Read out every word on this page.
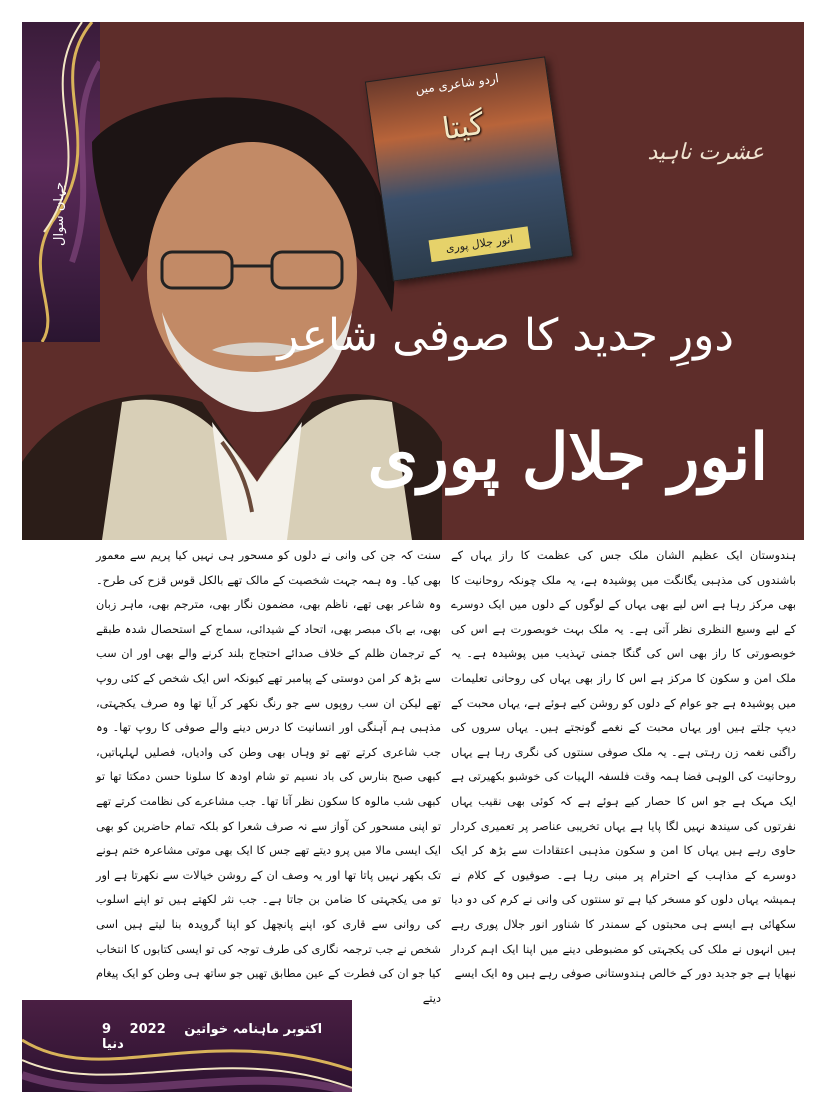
جہان سوال
اردو شاعری میں
گیتا
انور جلال پوری
عشرت ناہید
دورِ جدید کا صوفی شاعر
انور جلال پوری

ہندوستان ایک عظیم الشان ملک جس کی عظمت کا راز یہاں کے باشندوں کی مذہبی یگانگت میں پوشیدہ ہے، یہ ملک چونکہ روحانیت کا بھی مرکز رہا ہے اس لیے بھی یہاں کے لوگوں کے دلوں میں ایک دوسرے کے لیے وسیع النظری نظر آتی ہے۔ یہ ملک بہت خوبصورت ہے اس کی خوبصورتی کا راز بھی اس کی گنگا جمنی تہذیب میں پوشیدہ ہے۔ یہ ملک امن و سکون کا مرکز ہے اس کا راز بھی یہاں کی روحانی تعلیمات میں پوشیدہ ہے جو عوام کے دلوں کو روشن کیے ہوئے ہے، یہاں محبت کے دیپ جلتے ہیں اور یہاں محبت کے نغمے گونجتے ہیں۔ یہاں سروں کی راگنی نغمہ زن رہتی ہے۔ یہ ملک صوفی سنتوں کی نگری رہا ہے یہاں روحانیت کی الوہی فضا ہمہ وقت فلسفہ الہیات کی خوشبو بکھیرتی ہے ایک مہک ہے جو اس کا حصار کیے ہوئے ہے کہ کوئی بھی نقیب یہاں نفرتوں کی سیندھ نہیں لگا پایا ہے یہاں تخریبی عناصر پر تعمیری کردار حاوی رہے ہیں یہاں کا امن و سکون مذہبی اعتقادات سے بڑھ کر ایک دوسرے کے مذاہب کے احترام پر مبنی رہا ہے۔ صوفیوں کے کلام نے ہمیشہ یہاں دلوں کو مسخر کیا ہے تو سنتوں کی وانی نے کرم کی دو دیا سکھائی ہے ایسے ہی محبتوں کے سمندر کا شناور انور جلال پوری رہے ہیں انہوں نے ملک کی یکجہتی کو مضبوطی دینے میں اپنا ایک اہم کردار نبھایا ہے جو جدید دور کے خالص ہندوستانی صوفی رہے ہیں وہ ایک ایسے

سنت کہ جن کی وانی نے دلوں کو مسحور ہی نہیں کیا پریم سے معمور بھی کیا۔ وہ ہمہ جہت شخصیت کے مالک تھے بالکل قوس قزح کی طرح۔ وہ شاعر بھی تھے، ناظم بھی، مضمون نگار بھی، مترجم بھی، ماہر زبان بھی، بے باک مبصر بھی، اتحاد کے شیدائی، سماج کے استحصال شدہ طبقے کے ترجمان ظلم کے خلاف صدائے احتجاج بلند کرنے والے بھی اور ان سب سے بڑھ کر امن دوستی کے پیامبر تھے کیونکہ اس ایک شخص کے کئی روپ تھے لیکن ان سب روپوں سے جو رنگ نکھر کر آیا تھا وہ صرف یکجہتی، مذہبی ہم آہنگی اور انسانیت کا درس دینے والے صوفی کا روپ تھا۔ وہ جب شاعری کرتے تھے تو وہاں بھی وطن کی وادیاں، فصلیں لہلہاتیں، کبھی صبح بنارس کی باد نسیم تو شام اودھ کا سلونا حسن دمکتا تھا تو کبھی شب مالوہ کا سکون نظر آتا تھا۔ جب مشاعرے کی نظامت کرتے تھے تو اپنی مسحور کن آواز سے نہ صرف شعرا کو بلکہ تمام حاضرین کو بھی ایک ایسی مالا میں پرو دیتے تھے جس کا ایک بھی موتی مشاعرہ ختم ہونے تک بکھر نہیں پاتا تھا اور یہ وصف ان کے روشن خیالات سے نکھرتا ہے اور تو می یکجہتی کا ضامن بن جاتا ہے۔ جب نثر لکھتے ہیں تو اپنے اسلوب کی روانی سے قاری کو، اپنے پانچھل کو اپنا گرویدہ بنا لیتے ہیں اسی شخص نے جب ترجمہ نگاری کی طرف توجہ کی تو ایسی کتابوں کا انتخاب کیا جو ان کی فطرت کے عین مطابق تھیں جو ساتھ ہی وطن کو ایک پیغام دیتے

9 2022	اکتوبر ماہنامہ خواتین دنیا
